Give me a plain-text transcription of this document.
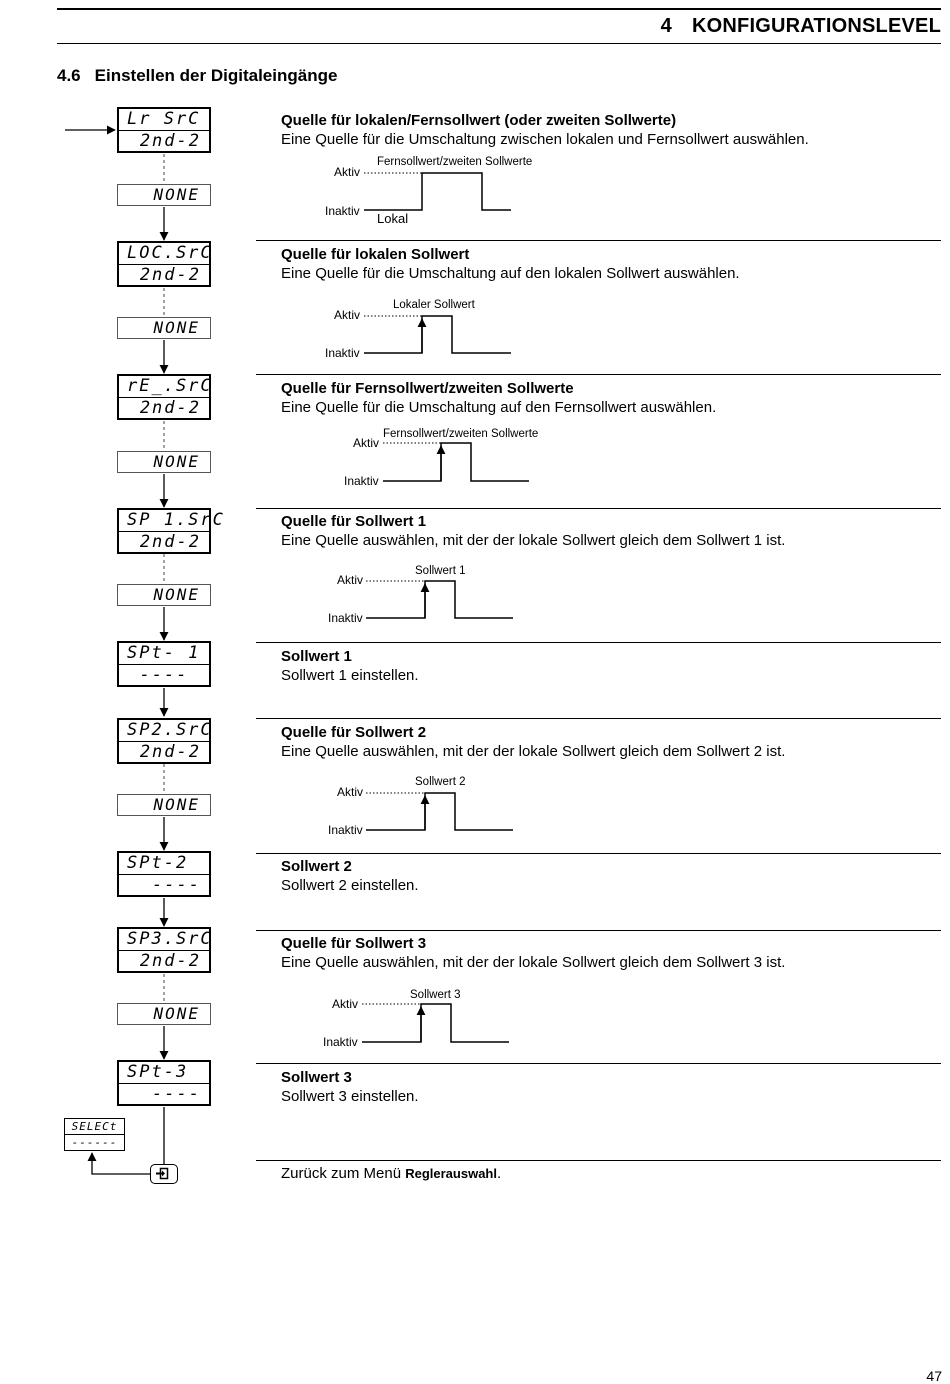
4 KONFIGURATIONSLEVEL
4.6 Einstellen der Digitaleingänge
Lr SrC
2nd-2
NONE
LOC.SrC
2nd-2
NONE
rE_.SrC
2nd-2
NONE
SP 1.SrC
2nd-2
NONE
SPt- 1
----
SP2.SrC
2nd-2
NONE
SPt-2
----
SP3.SrC
2nd-2
NONE
SPt-3
----
SELECt
------
Quelle für lokalen/Fernsollwert (oder zweiten Sollwerte)
Eine Quelle für die Umschaltung zwischen lokalen und Fernsollwert auswählen.
Quelle für lokalen Sollwert
Eine Quelle für die Umschaltung auf den lokalen Sollwert auswählen.
Quelle für Fernsollwert/zweiten Sollwerte
Eine Quelle für die Umschaltung auf den Fernsollwert auswählen.
Quelle für Sollwert 1
Eine Quelle auswählen, mit der der lokale Sollwert gleich dem Sollwert 1 ist.
Sollwert 1
Sollwert 1 einstellen.
Quelle für Sollwert 2
Eine Quelle auswählen, mit der der lokale Sollwert gleich dem Sollwert 2 ist.
Sollwert 2
Sollwert 2 einstellen.
Quelle für Sollwert 3
Eine Quelle auswählen, mit der der lokale Sollwert gleich dem Sollwert 3 ist.
Sollwert 3
Sollwert 3 einstellen.
Zurück zum Menü Reglerauswahl.
Aktiv
Inaktiv
Fernsollwert/zweiten Sollwerte
Lokal
Aktiv
Inaktiv
Lokaler Sollwert
Aktiv
Inaktiv
Fernsollwert/zweiten Sollwerte
Aktiv
Inaktiv
Sollwert 1
Aktiv
Inaktiv
Sollwert 2
Aktiv
Inaktiv
Sollwert 3
47
